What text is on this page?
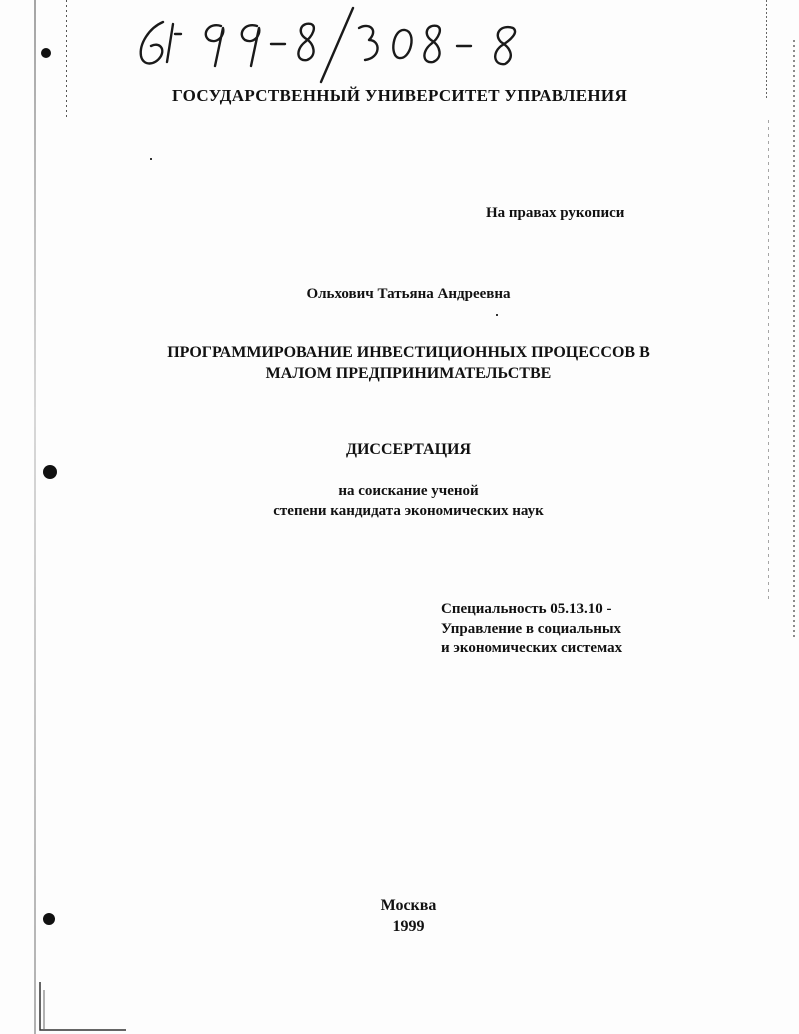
ГОСУДАРСТВЕННЫЙ УНИВЕРСИТЕТ УПРАВЛЕНИЯ
На правах рукописи
Ольхович Татьяна Андреевна
ПРОГРАММИРОВАНИЕ ИНВЕСТИЦИОННЫХ ПРОЦЕССОВ В
МАЛОМ ПРЕДПРИНИМАТЕЛЬСТВЕ
ДИССЕРТАЦИЯ
на соискание ученой
степени кандидата экономических наук
Специальность 05.13.10 -
Управление в социальных
и экономических системах
Москва
1999
